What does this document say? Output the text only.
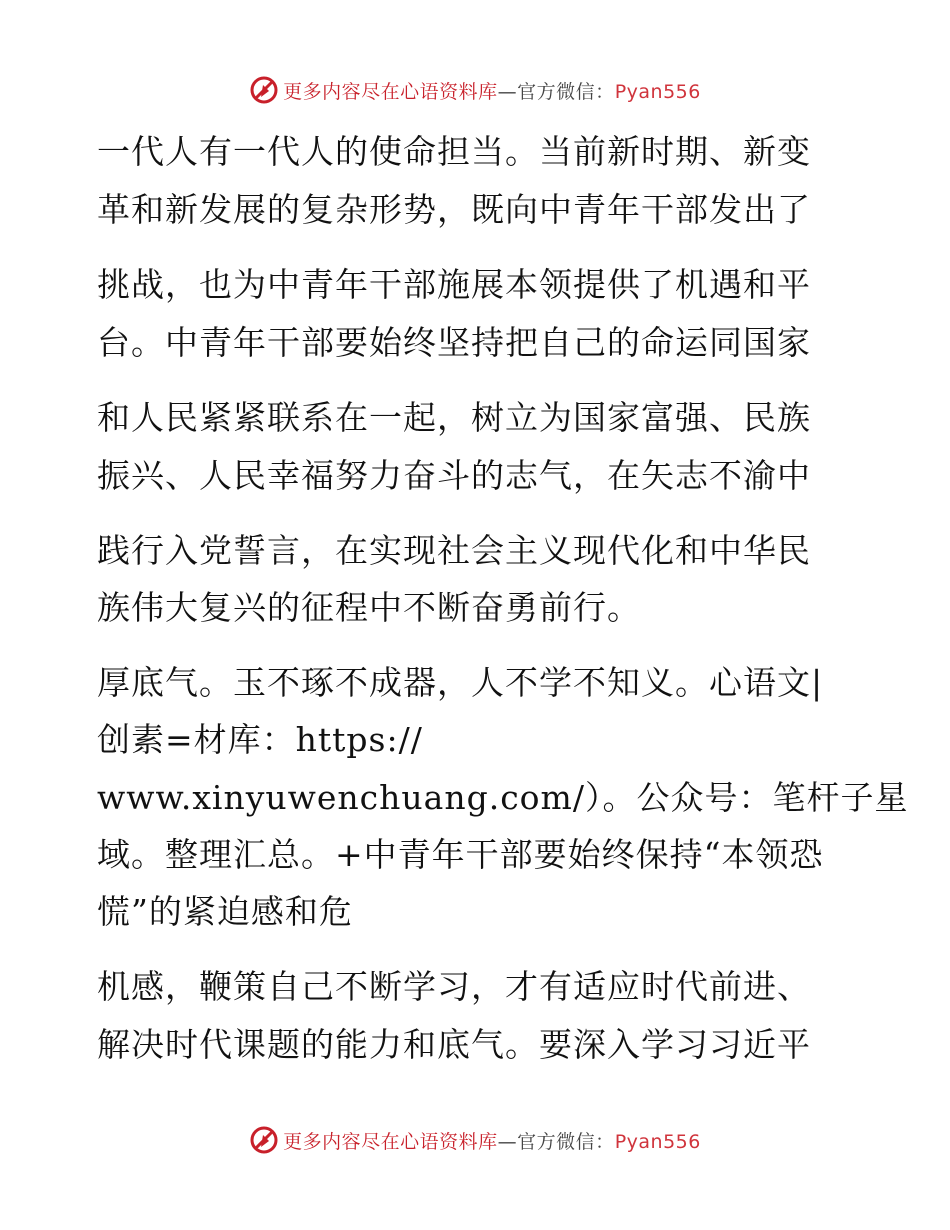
更多内容尽在心语资料库—官方微信：Pyan556
一代人有一代人的使命担当。当前新时期、新变
革和新发展的复杂形势，既向中青年干部发出了
挑战，也为中青年干部施展本领提供了机遇和平
台。中青年干部要始终坚持把自己的命运同国家
和人民紧紧联系在一起，树立为国家富强、民族
振兴、人民幸福努力奋斗的志气，在矢志不渝中
践行入党誓言，在实现社会主义现代化和中华民
族伟大复兴的征程中不断奋勇前行。
厚底气。玉不琢不成器，人不学不知义。心语文|
创素=材库：https://
www.xinyuwenchuang.com/）。公众号：笔杆子星
域。整理汇总。+中青年干部要始终保持“本领恐
慌”的紧迫感和危
机感，鞭策自己不断学习，才有适应时代前进、
解决时代课题的能力和底气。要深入学习习近平
更多内容尽在心语资料库—官方微信：Pyan556
